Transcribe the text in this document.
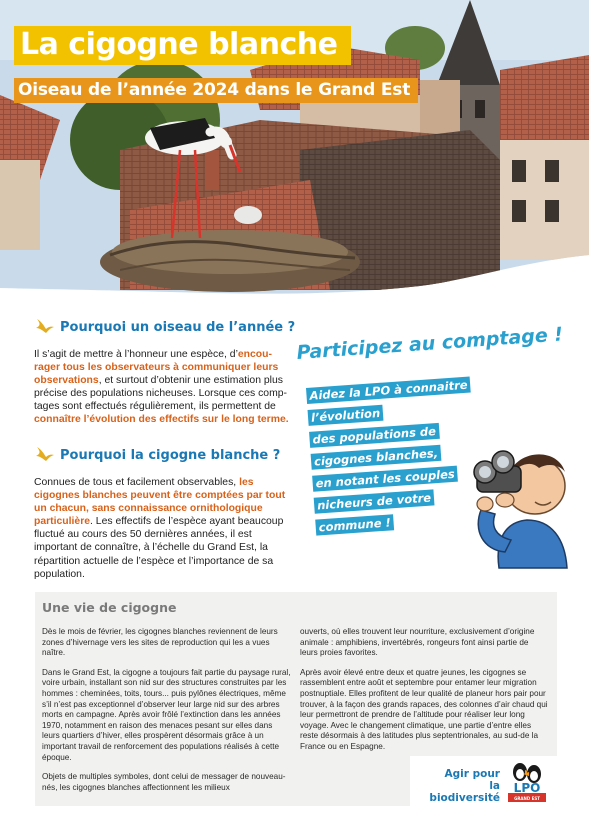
La cigogne blanche
Oiseau de l’année 2024 dans le Grand Est
Pourquoi un oiseau de l’année ?
Il s’agit de mettre à l’honneur une espèce, d’encou- rager tous les observateurs à communiquer leurs observations, et surtout d’obtenir une estimation plus précise des populations nicheuses. Lorsque ces comp-tages sont effectués régulièrement, ils permettent de connaître l’évolution des effectifs sur le long terme.
Pourquoi la cigogne blanche ?
Connues de tous et facilement observables, les cigognes blanches peuvent être comptées par tout un chacun, sans connaissance ornithologique particulière. Les effectifs de l’espèce ayant beaucoup fluctué au cours des 50 dernières années, il est important de connaître, à l’échelle du Grand Est, la répartition actuelle de l’espèce et l’importance de sa population.
Participez au comptage !
Aidez la LPO à connaitre
l’évolution
des populations de
cigognes blanches,
en notant les couples
nicheurs de votre
commune !
Une vie de cigogne

Dès le mois de février, les cigognes blanches reviennent de leurs zones d’hivernage vers les sites de reproduction qui les a vues naître.

Dans le Grand Est, la cigogne a toujours fait partie du paysage rural, voire urbain, installant son nid sur des structures construites par les hommes : cheminées, toits, tours... puis pylônes électriques, même s’il n’est pas exceptionnel d’observer leur large nid sur des arbres morts en campagne. Après avoir frôlé l’extinction dans les années 1970, notamment en raison des menaces pesant sur elles dans leurs quartiers d’hiver, elles prospèrent désormais grâce à un important travail de renforcement des populations réalisés à cette époque.

Objets de multiples symboles, dont celui de messager de nouveau-nés, les cigognes blanches affectionnent les milieux

ouverts, où elles trouvent leur nourriture, exclusivement d’origine animale : amphibiens, invertébrés, rongeurs font ainsi partie de leurs proies favorites.

Après avoir élevé entre deux et quatre jeunes, les cigognes se rassemblent entre août et septembre pour entamer leur migration postnuptiale. Elles profitent de leur qualité de planeur hors pair pour trouver, à la façon des grands rapaces, des colonnes d’air chaud qui leur permettront de prendre de l’altitude pour réaliser leur long voyage. Avec le changement climatique, une partie d’entre elles reste désormais à des latitudes plus septentrionales, au sud-de la France ou en Espagne.

Agir pour
la biodiversité
LPO
GRAND EST
